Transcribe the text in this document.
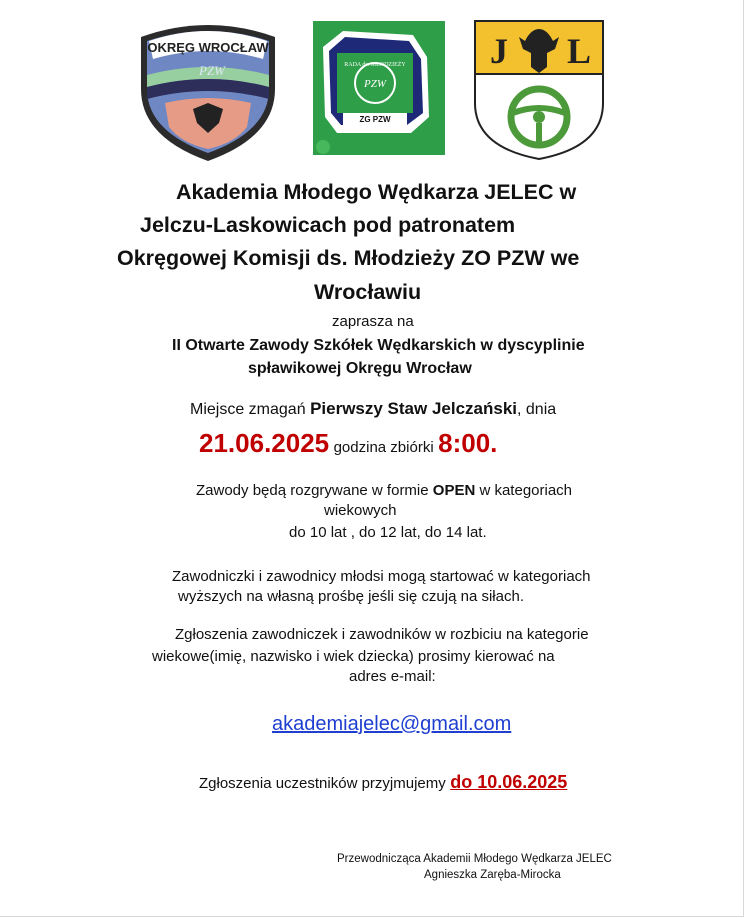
OKRĘG WROCŁAW
PZW
PZW
RADA ds. MŁODZIEŻY
ZG PZW
J L
Akademia Młodego Wędkarza JELEC w
Jelczu-Laskowicach pod patronatem
Okręgowej Komisji ds. Młodzieży ZO PZW we
Wrocławiu
zaprasza na
II Otwarte Zawody Szkółek Wędkarskich w dyscyplinie
spławikowej Okręgu Wrocław
Miejsce zmagań Pierwszy Staw Jelczański, dnia
21.06.2025 godzina zbiórki 8:00.
Zawody będą rozgrywane w formie OPEN w kategoriach
wiekowych
do 10 lat , do 12 lat, do 14 lat.
Zawodniczki i zawodnicy młodsi mogą startować w kategoriach
wyższych na własną prośbę jeśli się czują na siłach.
Zgłoszenia zawodniczek i zawodników w rozbiciu na kategorie
wiekowe(imię, nazwisko i wiek dziecka) prosimy kierować na
adres e-mail:
akademiajelec@gmail.com
Zgłoszenia uczestników przyjmujemy do 10.06.2025
Przewodnicząca Akademii Młodego Wędkarza JELEC
Agnieszka Zaręba-Mirocka
